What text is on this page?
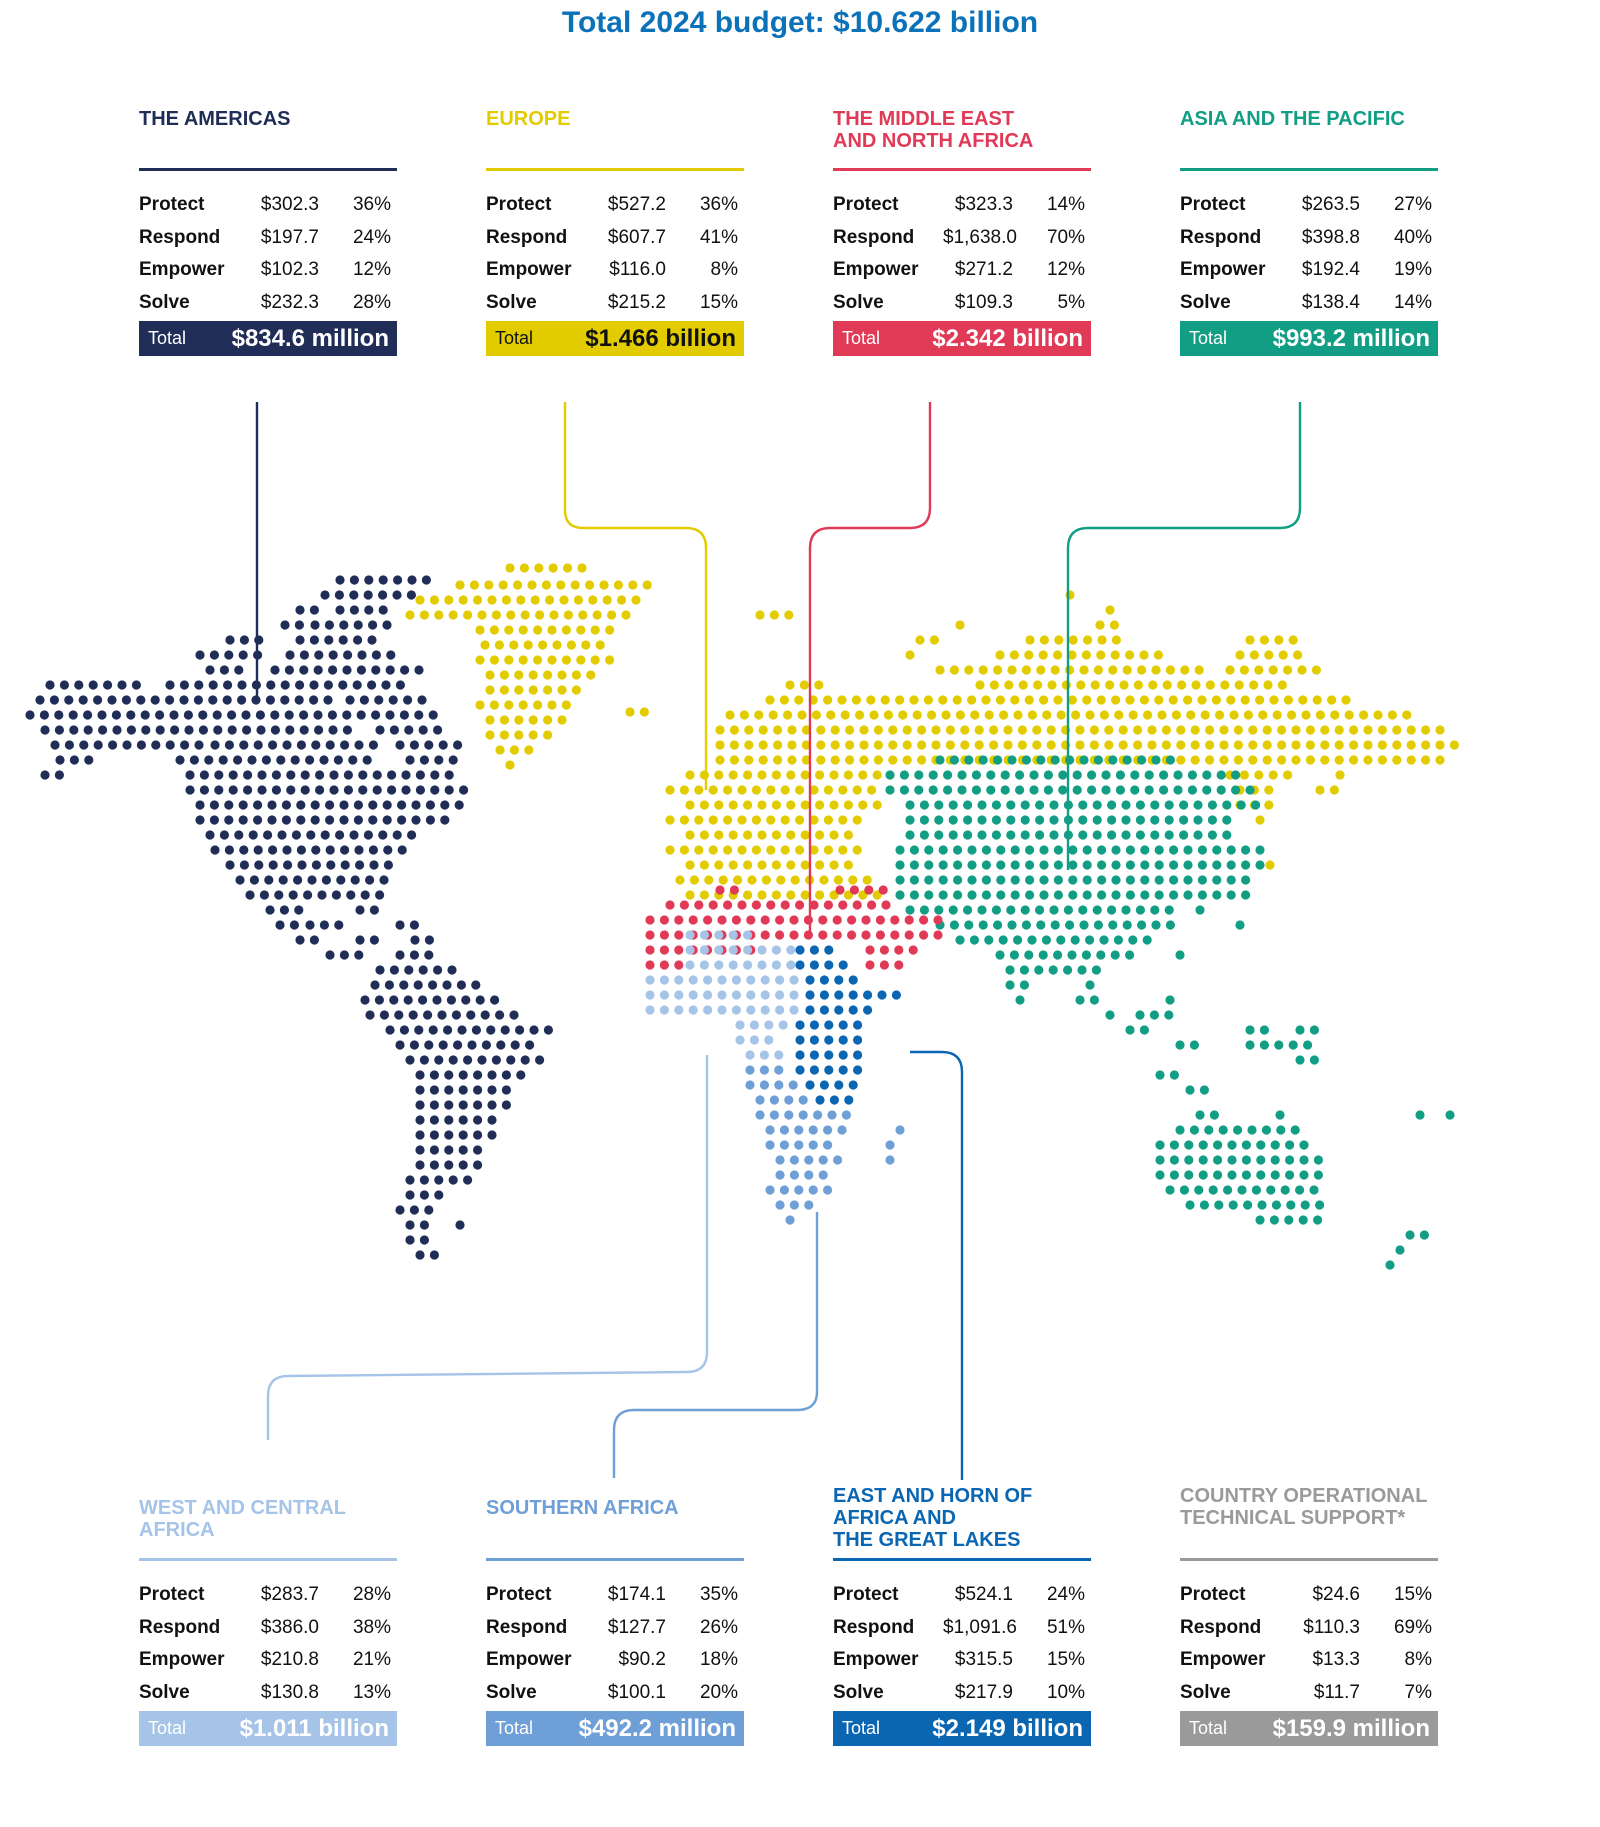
Total 2024 budget: $10.622 billion
THE AMERICAS
Protect	$302.3	36%
Respond	$197.7	24%
Empower	$102.3	12%
Solve	$232.3	28%
Total $834.6 million
EUROPE
Protect	$527.2	36%
Respond	$607.7	41%
Empower	$116.0	8%
Solve	$215.2	15%
Total $1.466 billion
THE MIDDLE EAST
AND NORTH AFRICA
Protect	$323.3	14%
Respond	$1,638.0	70%
Empower	$271.2	12%
Solve	$109.3	5%
Total $2.342 billion
ASIA AND THE PACIFIC
Protect	$263.5	27%
Respond	$398.8	40%
Empower	$192.4	19%
Solve	$138.4	14%
Total $993.2 million
WEST AND CENTRAL
AFRICA
Protect	$283.7	28%
Respond	$386.0	38%
Empower	$210.8	21%
Solve	$130.8	13%
Total $1.011 billion
SOUTHERN AFRICA
Protect	$174.1	35%
Respond	$127.7	26%
Empower	$90.2	18%
Solve	$100.1	20%
Total $492.2 million
EAST AND HORN OF
AFRICA AND
THE GREAT LAKES
Protect	$524.1	24%
Respond	$1,091.6	51%
Empower	$315.5	15%
Solve	$217.9	10%
Total $2.149 billion
COUNTRY OPERATIONAL
TECHNICAL SUPPORT*
Protect	$24.6	15%
Respond	$110.3	69%
Empower	$13.3	8%
Solve	$11.7	7%
Total $159.9 million
